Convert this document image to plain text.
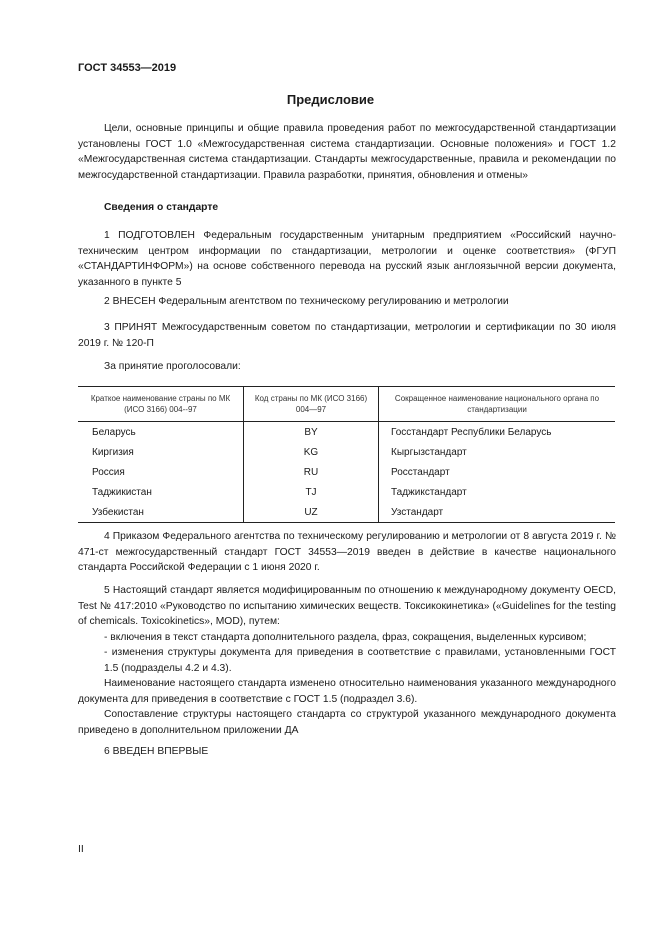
ГОСТ 34553—2019
Предисловие
Цели, основные принципы и общие правила проведения работ по межгосударственной стандартизации установлены ГОСТ 1.0 «Межгосударственная система стандартизации. Основные положения» и ГОСТ 1.2 «Межгосударственная система стандартизации. Стандарты межгосударственные, правила и рекомендации по межгосударственной стандартизации. Правила разработки, принятия, обновления и отмены»
Сведения о стандарте
1 ПОДГОТОВЛЕН Федеральным государственным унитарным предприятием «Российский научно-техническим центром информации по стандартизации, метрологии и оценке соответствия» (ФГУП «СТАНДАРТИНФОРМ») на основе собственного перевода на русский язык англоязычной версии документа, указанного в пункте 5
2 ВНЕСЕН Федеральным агентством по техническому регулированию и метрологии
3 ПРИНЯТ Межгосударственным советом по стандартизации, метрологии и сертификации по 30 июля 2019 г. № 120-П
За принятие проголосовали:
Краткое наименование страны по МК (ИСО 3166) 004-‐97	Код страны по МК (ИСО 3166) 004—97	Сокращенное наименование национального органа по стандартизации
Беларусь	BY	Госстандарт Республики Беларусь
Киргизия	KG	Кыргызстандарт
Россия	RU	Росстандарт
Таджикистан	TJ	Таджикстандарт
Узбекистан	UZ	Узстандарт
4 Приказом Федерального агентства по техническому регулированию и метрологии от 8 августа 2019 г. № 471-ст межгосударственный стандарт ГОСТ 34553—2019 введен в действие в качестве национального стандарта Российской Федерации с 1 июня 2020 г.
5 Настоящий стандарт является модифицированным по отношению к международному документу OECD, Test № 417:2010 «Руководство по испытанию химических веществ. Токсикокинетика» («Guidelines for the testing of chemicals. Toxicokinetics», MOD), путем:
- включения в текст стандарта дополнительного раздела, фраз, сокращения, выделенных курсивом;
- изменения структуры документа для приведения в соответствие с правилами, установленными ГОСТ 1.5 (подразделы 4.2 и 4.3).
Наименование настоящего стандарта изменено относительно наименования указанного международного документа для приведения в соответствие с ГОСТ 1.5 (подраздел 3.6).
Сопоставление структуры настоящего стандарта со структурой указанного международного документа приведено в дополнительном приложении ДА
6 ВВЕДЕН ВПЕРВЫЕ
II
